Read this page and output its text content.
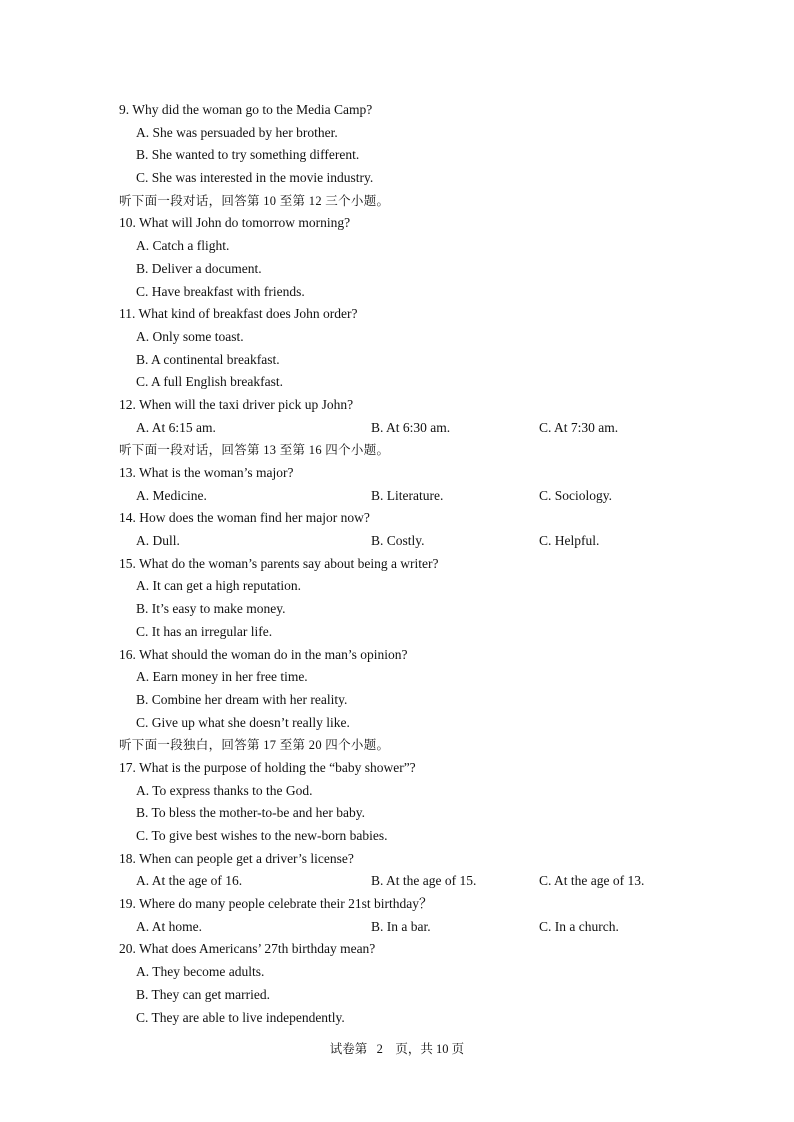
9. Why did the woman go to the Media Camp?
A. She was persuaded by her brother.
B. She wanted to try something different.
C. She was interested in the movie industry.
听下面一段对话，回答第 10 至第 12 三个小题。
10. What will John do tomorrow morning?
A. Catch a flight.
B. Deliver a document.
C. Have breakfast with friends.
11. What kind of breakfast does John order?
A. Only some toast.
B. A continental breakfast.
C. A full English breakfast.
12. When will the taxi driver pick up John?
A. At 6:15 am.	B. At 6:30 am.	C. At 7:30 am.
听下面一段对话，回答第 13 至第 16 四个小题。
13. What is the woman’s major?
A. Medicine.	B. Literature.	C. Sociology.
14. How does the woman find her major now?
A. Dull.	B. Costly.	C. Helpful.
15. What do the woman’s parents say about being a writer?
A. It can get a high reputation.
B. It’s easy to make money.
C. It has an irregular life.
16. What should the woman do in the man’s opinion?
A. Earn money in her free time.
B. Combine her dream with her reality.
C. Give up what she doesn’t really like.
听下面一段独白，回答第 17 至第 20 四个小题。
17. What is the purpose of holding the “baby shower”?
A. To express thanks to the God.
B. To bless the mother-to-be and her baby.
C. To give best wishes to the new-born babies.
18. When can people get a driver’s license?
A. At the age of 16.	B. At the age of 15.	C. At the age of 13.
19. Where do many people celebrate their 21st birthday？
A. At home.	B. In a bar.	C. In a church.
20. What does Americans’ 27th birthday mean?
A. They become adults.
B. They can get married.
C. They are able to live independently.
试卷第   2    页，共 10 页
